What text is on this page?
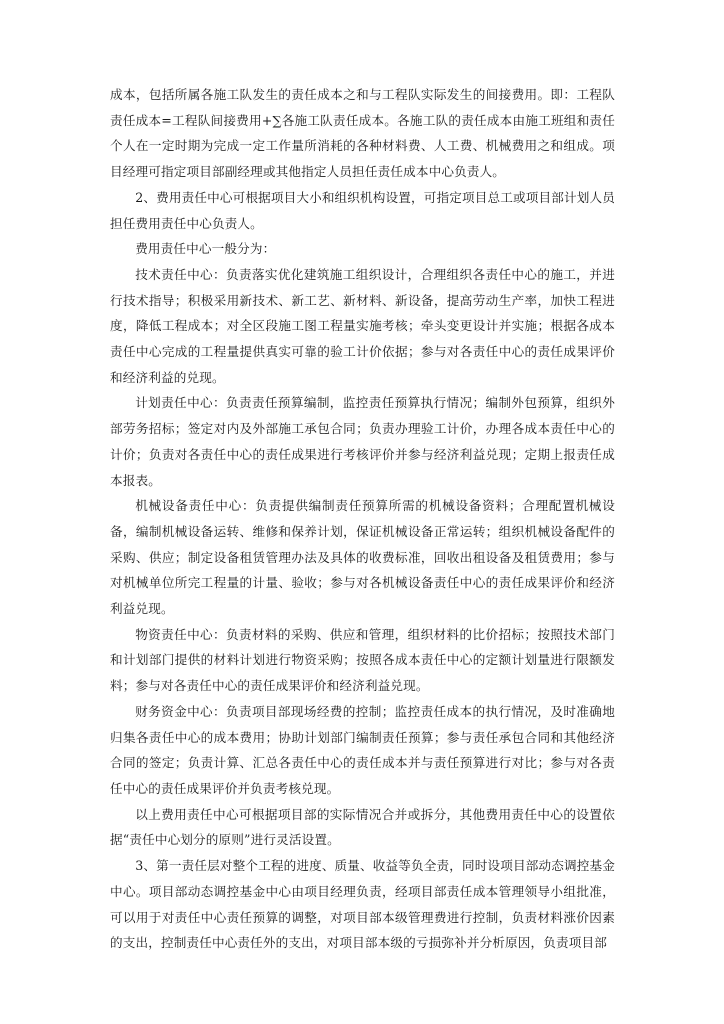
成本，包括所属各施工队发生的责任成本之和与工程队实际发生的间接费用。即：工程队责任成本=工程队间接费用+∑各施工队责任成本。各施工队的责任成本由施工班组和责任个人在一定时期为完成一定工作量所消耗的各种材料费、人工费、机械费用之和组成。项目经理可指定项目部副经理或其他指定人员担任责任成本中心负责人。

2、费用责任中心可根据项目大小和组织机构设置，可指定项目总工或项目部计划人员担任费用责任中心负责人。

费用责任中心一般分为：

技术责任中心：负责落实优化建筑施工组织设计，合理组织各责任中心的施工，并进行技术指导；积极采用新技术、新工艺、新材料、新设备，提高劳动生产率，加快工程进度，降低工程成本；对全区段施工图工程量实施考核；牵头变更设计并实施；根据各成本责任中心完成的工程量提供真实可靠的验工计价依据；参与对各责任中心的责任成果评价和经济利益的兑现。

计划责任中心：负责责任预算编制，监控责任预算执行情况；编制外包预算，组织外部劳务招标；签定对内及外部施工承包合同；负责办理验工计价，办理各成本责任中心的计价；负责对各责任中心的责任成果进行考核评价并参与经济利益兑现；定期上报责任成本报表。

机械设备责任中心：负责提供编制责任预算所需的机械设备资料；合理配置机械设备，编制机械设备运转、维修和保养计划，保证机械设备正常运转；组织机械设备配件的采购、供应；制定设备租赁管理办法及具体的收费标准，回收出租设备及租赁费用；参与对机械单位所完工程量的计量、验收；参与对各机械设备责任中心的责任成果评价和经济利益兑现。

物资责任中心：负责材料的采购、供应和管理，组织材料的比价招标；按照技术部门和计划部门提供的材料计划进行物资采购；按照各成本责任中心的定额计划量进行限额发料；参与对各责任中心的责任成果评价和经济利益兑现。

财务资金中心：负责项目部现场经费的控制；监控责任成本的执行情况，及时准确地归集各责任中心的成本费用；协助计划部门编制责任预算；参与责任承包合同和其他经济合同的签定；负责计算、汇总各责任中心的责任成本并与责任预算进行对比；参与对各责任中心的责任成果评价并负责考核兑现。

以上费用责任中心可根据项目部的实际情况合并或拆分，其他费用责任中心的设置依据“责任中心划分的原则”进行灵活设置。

3、第一责任层对整个工程的进度、质量、收益等负全责，同时设项目部动态调控基金中心。项目部动态调控基金中心由项目经理负责，经项目部责任成本管理领导小组批准，可以用于对责任中心责任预算的调整，对项目部本级管理费进行控制，负责材料涨价因素的支出，控制责任中心责任外的支出，对项目部本级的亏损弥补并分析原因，负责项目部
